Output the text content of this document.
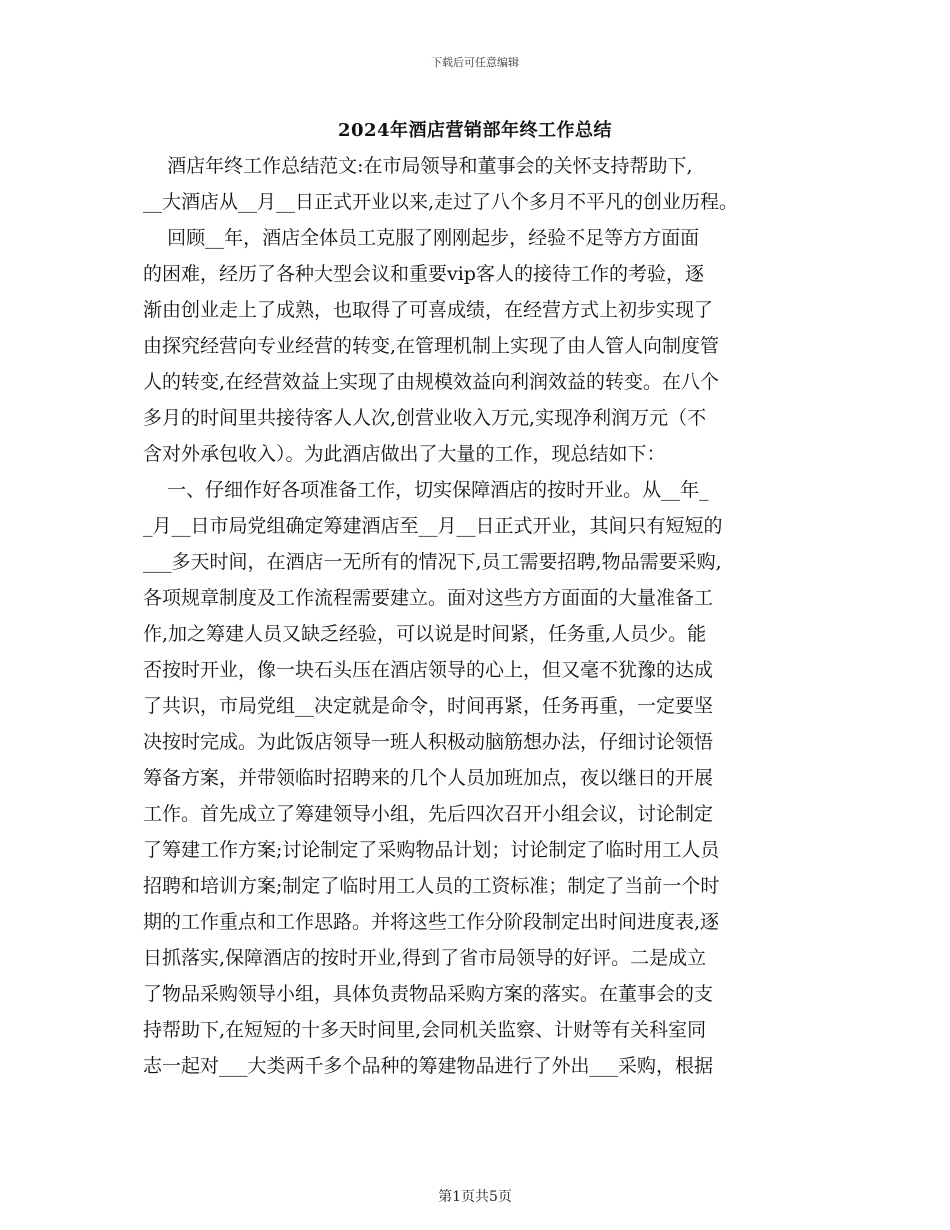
下载后可任意编辑
2024年酒店营销部年终工作总结
酒店年终工作总结范文:在市局领导和董事会的关怀支持帮助下,
__大酒店从__月__日正式开业以来,走过了八个多月不平凡的创业历程。
回顾__年，酒店全体员工克服了刚刚起步，经验不足等方方面面
的困难，经历了各种大型会议和重要vip客人的接待工作的考验，逐
渐由创业走上了成熟，也取得了可喜成绩，在经营方式上初步实现了
由探究经营向专业经营的转变,在管理机制上实现了由人管人向制度管
人的转变,在经营效益上实现了由规模效益向利润效益的转变。在八个
多月的时间里共接待客人人次,创营业收入万元,实现净利润万元（不
含对外承包收入）。为此酒店做出了大量的工作，现总结如下：
一、仔细作好各项准备工作，切实保障酒店的按时开业。从__年_
_月__日市局党组确定筹建酒店至__月__日正式开业，其间只有短短的
___多天时间，在酒店一无所有的情况下,员工需要招聘,物品需要采购,
各项规章制度及工作流程需要建立。面对这些方方面面的大量准备工
作,加之筹建人员又缺乏经验，可以说是时间紧，任务重,人员少。能
否按时开业，像一块石头压在酒店领导的心上，但又毫不犹豫的达成
了共识，市局党组__决定就是命令，时间再紧，任务再重，一定要坚
决按时完成。为此饭店领导一班人积极动脑筋想办法，仔细讨论领悟
筹备方案，并带领临时招聘来的几个人员加班加点，夜以继日的开展
工作。首先成立了筹建领导小组，先后四次召开小组会议，讨论制定
了筹建工作方案;讨论制定了采购物品计划；讨论制定了临时用工人员
招聘和培训方案;制定了临时用工人员的工资标准；制定了当前一个时
期的工作重点和工作思路。并将这些工作分阶段制定出时间进度表,逐
日抓落实,保障酒店的按时开业,得到了省市局领导的好评。二是成立
了物品采购领导小组，具体负责物品采购方案的落实。在董事会的支
持帮助下,在短短的十多天时间里,会同机关监察、计财等有关科室同
志一起对___大类两千多个品种的筹建物品进行了外出___采购，根据
第1页共5页
